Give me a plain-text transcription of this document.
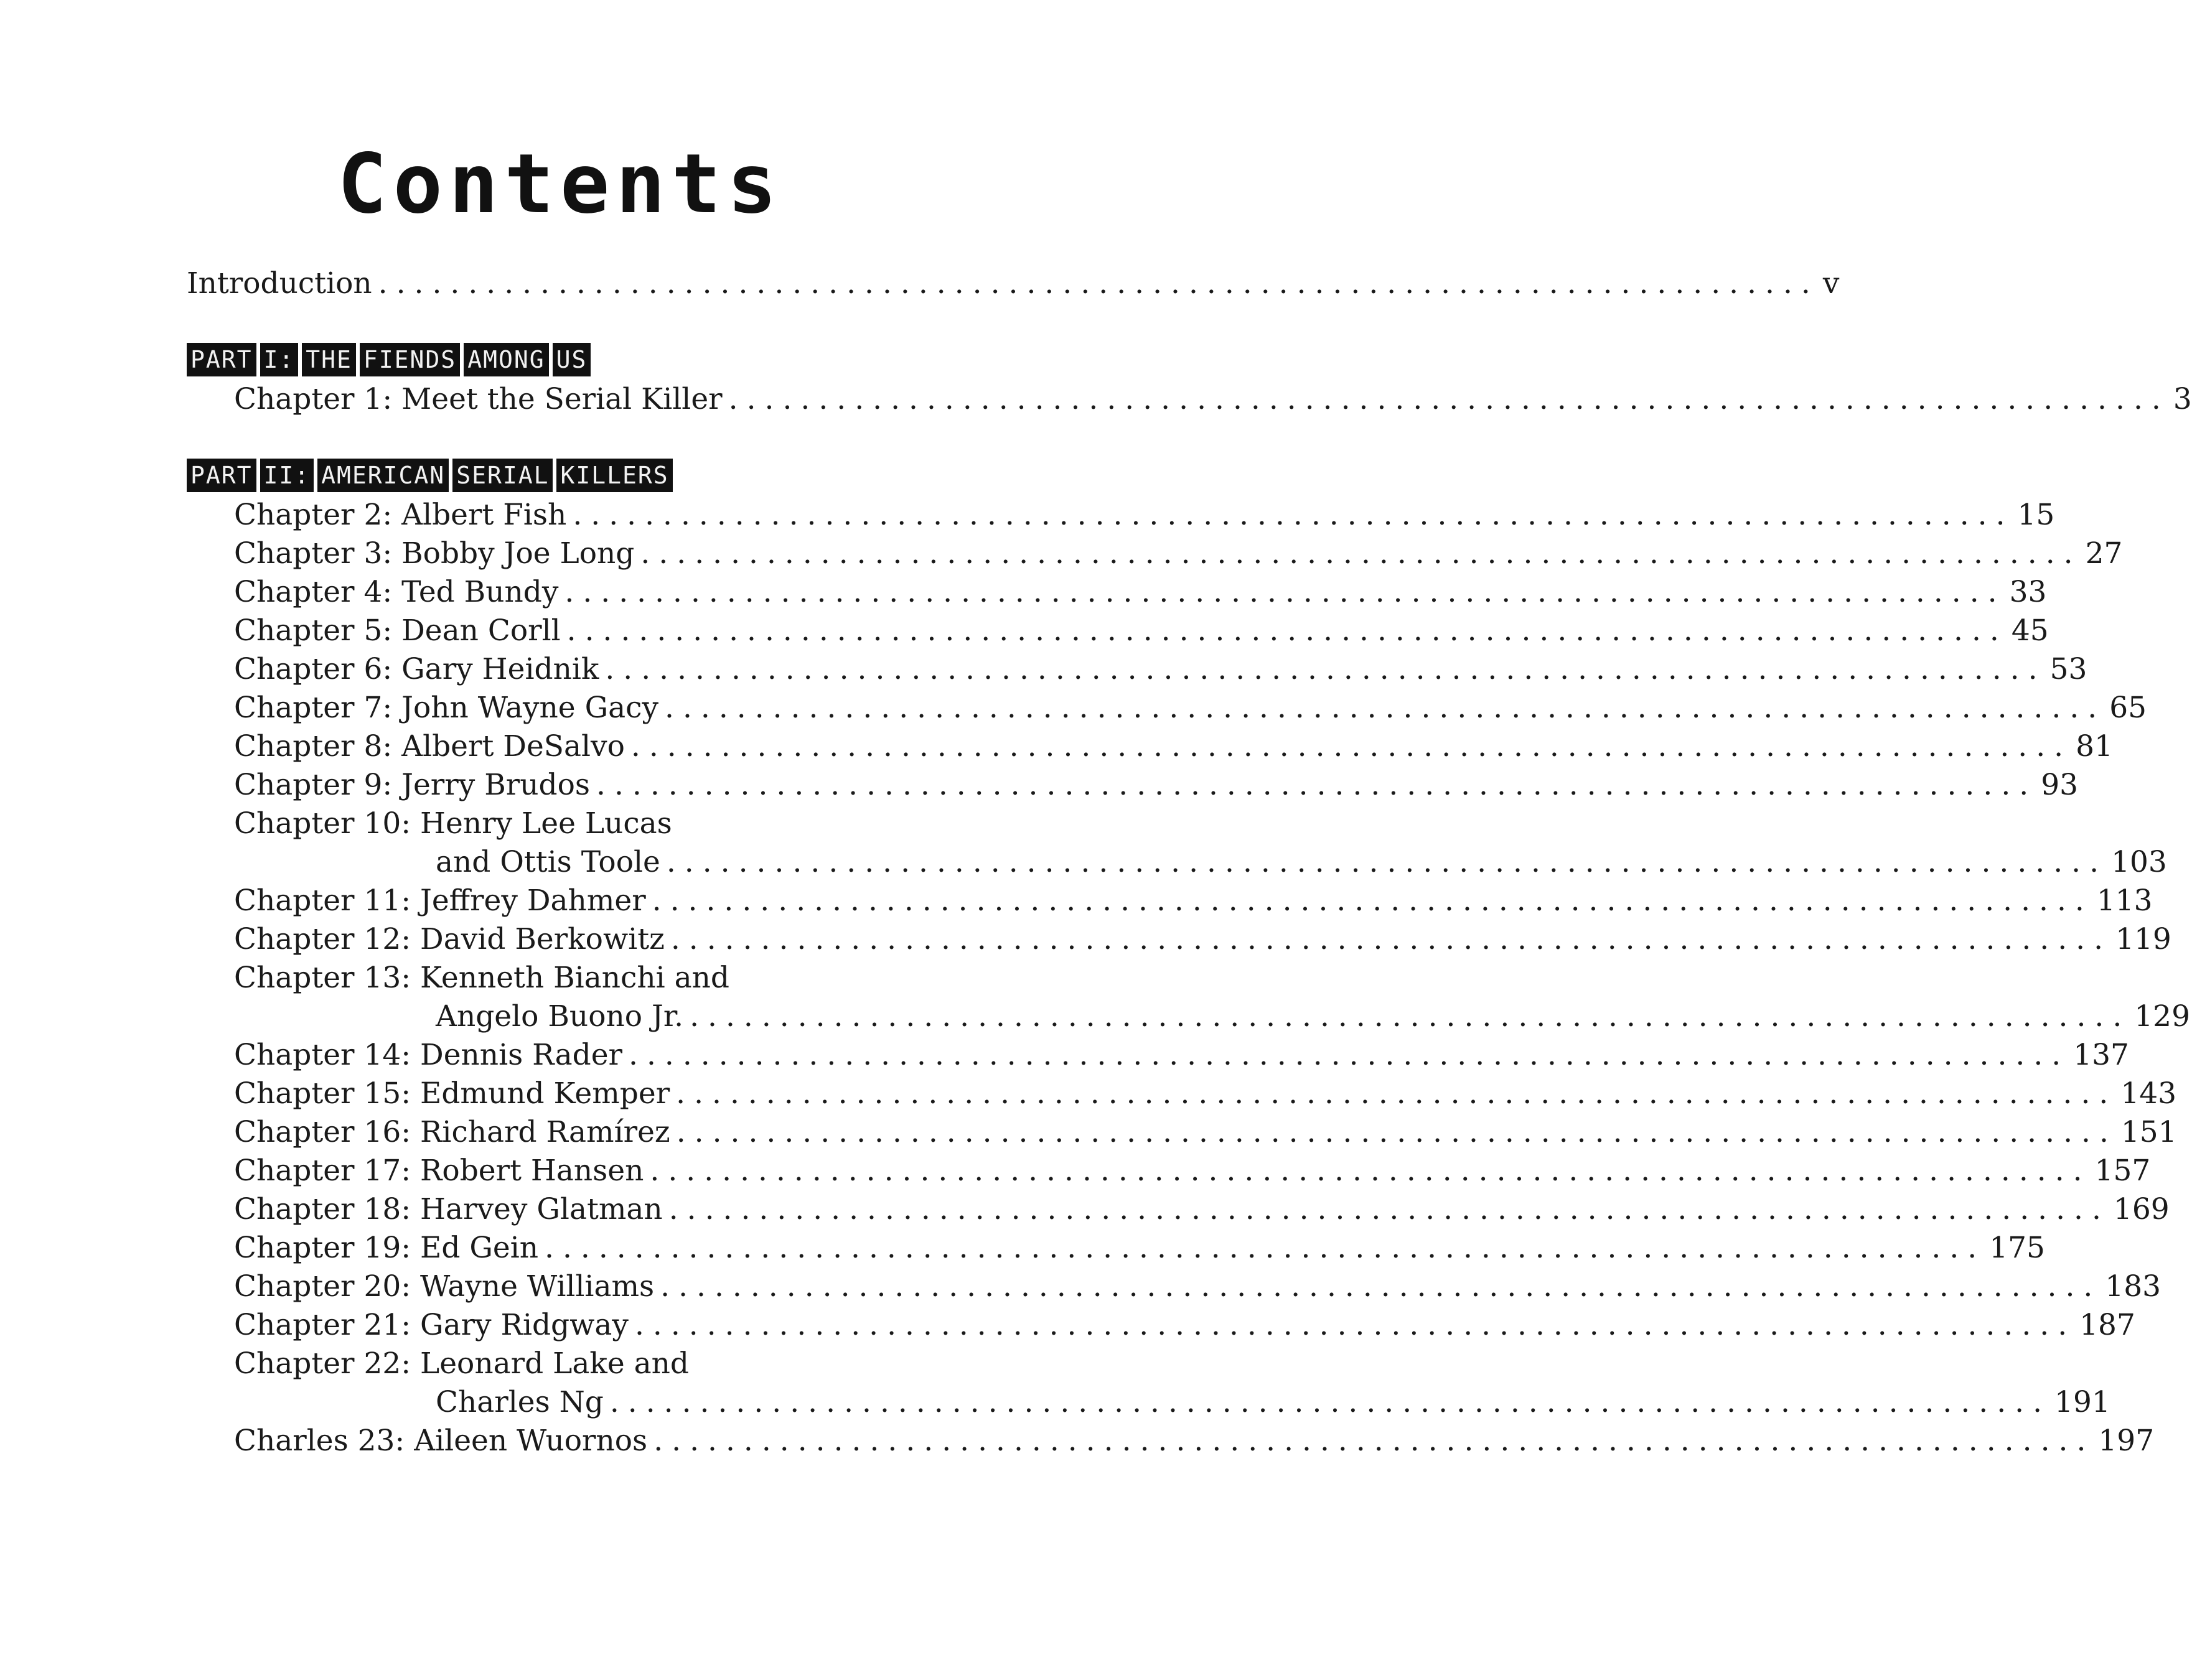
Contents
Introduction ................................................................................ v
PART I: THE FIENDS AMONG US
Chapter 1: Meet the Serial Killer ................................................................................ 3
PART II: AMERICAN SERIAL KILLERS
Chapter 2: Albert Fish ................................................................................ 15
Chapter 3: Bobby Joe Long ................................................................................ 27
Chapter 4: Ted Bundy ................................................................................ 33
Chapter 5: Dean Corll ................................................................................ 45
Chapter 6: Gary Heidnik ................................................................................ 53
Chapter 7: John Wayne Gacy ................................................................................ 65
Chapter 8: Albert DeSalvo ................................................................................ 81
Chapter 9: Jerry Brudos ................................................................................ 93
Chapter 10: Henry Lee Lucas
and Ottis Toole ................................................................................ 103
Chapter 11: Jeffrey Dahmer ................................................................................ 113
Chapter 12: David Berkowitz ................................................................................ 119
Chapter 13: Kenneth Bianchi and
Angelo Buono Jr. ................................................................................ 129
Chapter 14: Dennis Rader ................................................................................ 137
Chapter 15: Edmund Kemper ................................................................................ 143
Chapter 16: Richard Ramírez ................................................................................ 151
Chapter 17: Robert Hansen ................................................................................ 157
Chapter 18: Harvey Glatman ................................................................................ 169
Chapter 19: Ed Gein ................................................................................ 175
Chapter 20: Wayne Williams ................................................................................ 183
Chapter 21: Gary Ridgway ................................................................................ 187
Chapter 22: Leonard Lake and
Charles Ng ................................................................................ 191
Charles 23: Aileen Wuornos ................................................................................ 197
